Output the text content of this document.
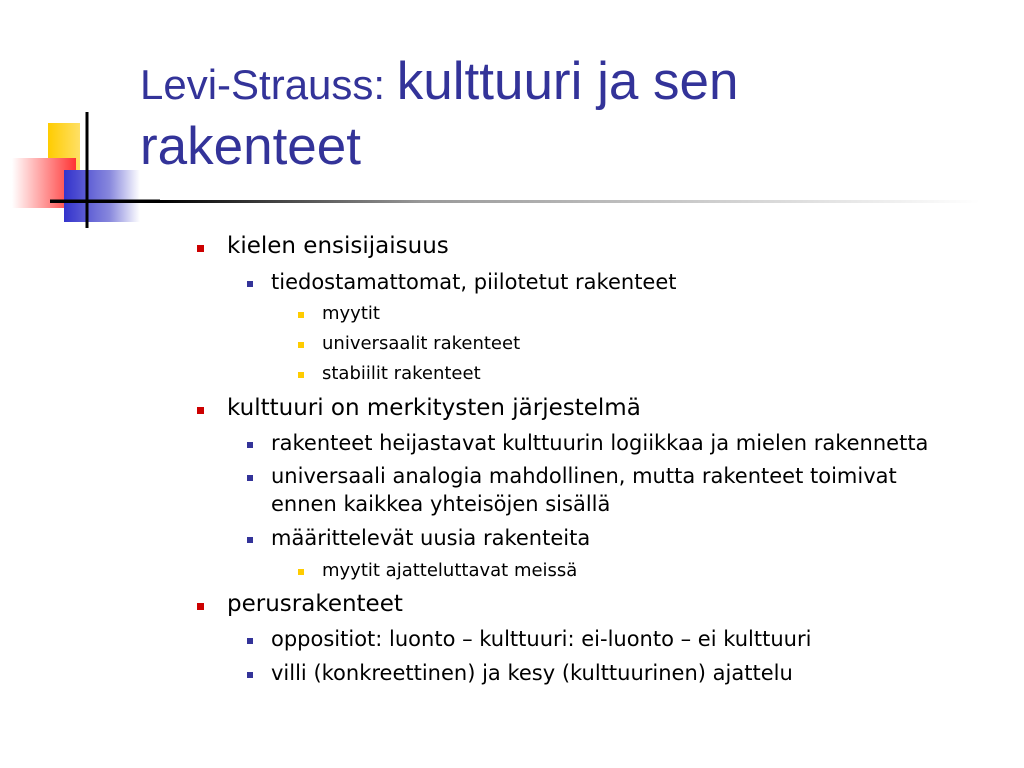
Levi-Strauss: kulttuuri ja sen
rakenteet
kielen ensisijaisuus
tiedostamattomat, piilotetut rakenteet
myytit
universaalit rakenteet
stabiilit rakenteet
kulttuuri on merkitysten järjestelmä
rakenteet heijastavat kulttuurin logiikkaa ja mielen rakennetta
universaali analogia mahdollinen, mutta rakenteet toimivat
ennen kaikkea yhteisöjen sisällä
määrittelevät uusia rakenteita
myytit ajatteluttavat meissä
perusrakenteet
oppositiot: luonto – kulttuuri: ei-luonto – ei kulttuuri
villi (konkreettinen) ja kesy (kulttuurinen) ajattelu
